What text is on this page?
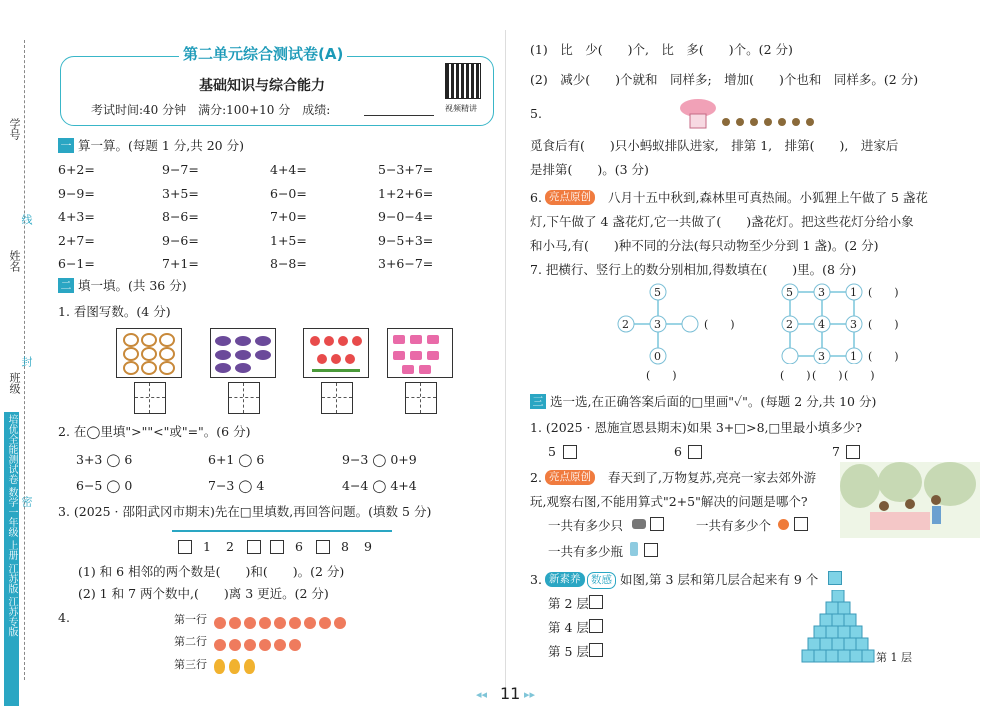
学号
姓名
班级
线
封
密
培优全能测试卷 数学一年级 上册 江苏版 江苏专版
第二单元综合测试卷(A)
基础知识与综合能力
考试时间:40 分钟　满分:100+10 分　成绩:	视频精讲
一 算一算。(每题 1 分,共 20 分)
6+2=	9−7=	4+4=	5−3+7=
9−9=	3+5=	6−0=	1+2+6=
4+3=	8−6=	7+0=	9−0−4=
2+7=	9−6=	1+5=	9−5+3=
6−1=	7+1=	8−8=	3+6−7=
二 填一填。(共 36 分)
1. 看图写数。(4 分)
2. 在◯里填">""<"或"="。(6 分)
3+3 ◯ 6	6+1 ◯ 6	9−3 ◯ 0+9
6−5 ◯ 0	7−3 ◯ 4	4−4 ◯ 4+4
3. (2025 · 邵阳武冈市期末)先在□里填数,再回答问题。(填数 5 分)
1 2	6	8 9
(1) 和 6 相邻的两个数是(　　)和(　　)。(2 分)
(2) 1 和 7 两个数中,(　　)离 3 更近。(2 分)
4.	第一行
第二行
第三行
(1)　比　少(　　)个,　比　多(　　)个。(2 分)
(2)　减少(　　)个就和　同样多;　增加(　　)个也和　同样多。(2 分)
5.
觅食后有(　　)只小蚂蚁排队进家,　排第 1,　排第(　　),　进家后
是排第(　　)。(3 分)
6. 亮点原创	八月十五中秋到,森林里可真热闹。小狐狸上午做了 5 盏花
灯,下午做了 4 盏花灯,它一共做了(　　)盏花灯。把这些花灯分给小象
和小马,有(　　)种不同的分法(每只动物至少分到 1 盏)。(2 分)
7. 把横行、竖行上的数分别相加,得数填在(　　)里。(8 分)
5
2 3
0
(　　)
(　　)
5 3 1
2 4 3
3 1
(　　)
(　　)
(　　)
(　　) (　　) (　　)
三 选一选,在正确答案后面的□里画"✓"。(每题 2 分,共 10 分)
1. (2025 · 恩施宣恩县期末)如果 3+□>8,□里最小填多少?
5	6	7
2. 亮点原创	春天到了,万物复苏,亮亮一家去郊外游
玩,观察右图,不能用算式"2+5"解决的问题是哪个?
一共有多少只	一共有多少个
一共有多少瓶
3. 新素养	数感 如图,第 3 层和第几层合起来有 9 个
第 2 层
第 4 层
第 5 层	第 1 层
◂◂ 11 ▸▸
